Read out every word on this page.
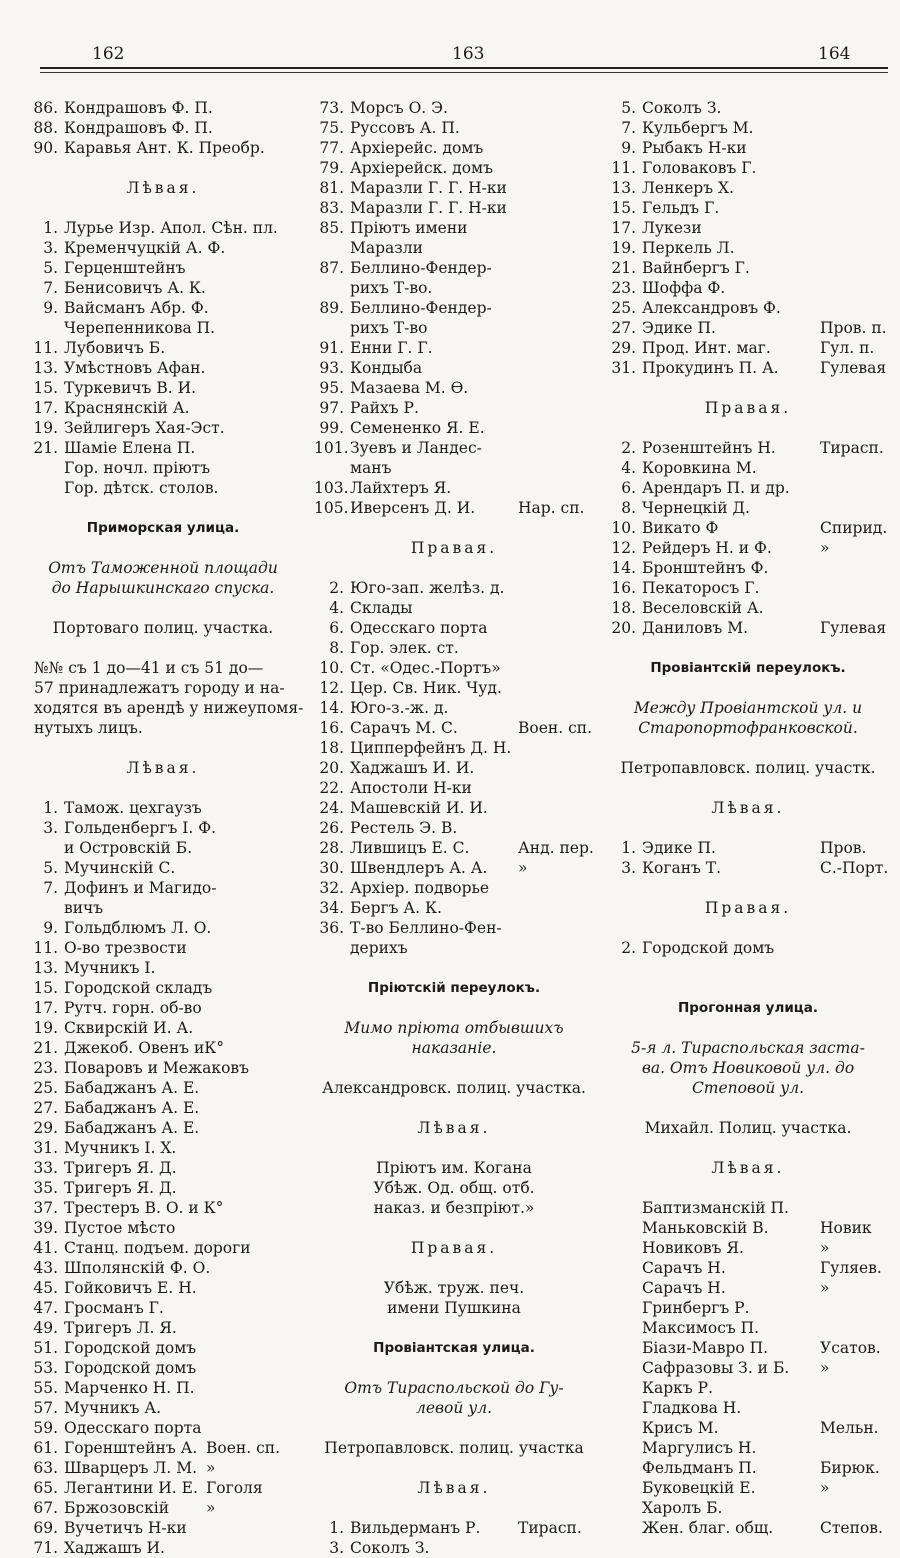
162	163	164
86. Кондрашовъ Ф. П.
88. Кондрашовъ Ф. П.
90. Каравья Ант. К. Преобр.
Лѣвая.
1. Лурье Изр. Апол. Сѣн. пл.
3. Кременчуцкій А. Ф.
5. Герценштейнъ
7. Бенисовичъ А. К.
9. Вайсманъ Абр. Ф.
Черепенникова П.
11. Лубовичъ Б.
13. Умѣстновъ Афан.
15. Туркевичъ В. И.
17. Краснянскій А.
19. Зейлигеръ Хая-Эст.
21. Шаміе Елена П.
Гор. ночл. пріютъ
Гор. дѣтск. столов.
Приморская улица.
Отъ Таможенной площади
до Нарышкинскаго спуска.
Портоваго полиц. участка.
№№ съ 1 до—41 и съ 51 до—
57 принадлежатъ городу и на-
ходятся въ арендѣ у нижеупомя-
нутыхъ лицъ.
Лѣвая.
1. Тамож. цехгаузъ
3. Гольденбергъ І. Ф.
и Островскій Б.
5. Мучинскій С.
7. Дофинъ и Магидо-
вичъ
9. Гольдблюмъ Л. О.
11. О-во трезвости
13. Мучникъ І.
15. Городской складъ
17. Рутч. горн. об-во
19. Сквирскій И. А.
21. Джекоб. Овенъ иК°
23. Поваровъ и Межаковъ
25. Бабаджанъ А. Е.
27. Бабаджанъ А. Е.
29. Бабаджанъ А. Е.
31. Мучникъ І. Х.
33. Тригеръ Я. Д.
35. Тригеръ Я. Д.
37. Трестеръ В. О. и К°
39. Пустое мѣсто
41. Станц. подъем. дороги
43. Шполянскій Ф. О.
45. Гойковичъ Е. Н.
47. Гросманъ Г.
49. Тригеръ Л. Я.
51. Городской домъ
53. Городской домъ
55. Марченко Н. П.
57. Мучникъ А.
59. Одесскаго порта
61. Горенштейнъ А. Воен. сп.
63. Шварцеръ Л. М. »
65. Легантини И. Е. Гоголя
67. Бржозовскій »
69. Вучетичъ Н-ки
71. Хаджашъ И.
73. Морсъ О. Э.
75. Руссовъ А. П.
77. Архіерейс. домъ
79. Архіерейск. домъ
81. Маразли Г. Г. Н-ки
83. Маразли Г. Г. Н-ки
85. Пріютъ имени
Маразли
87. Беллино-Фендер-
рихъ Т-во.
89. Беллино-Фендер-
рихъ Т-во
91. Енни Г. Г.
93. Кондыба
95. Мазаева М. Ө.
97. Райхъ Р.
99. Семененко Я. Е.
101.Зуевъ и Ландес-
манъ
103.Лайхтеръ Я.
105.Иверсенъ Д. И.	Нар. сп.
Правая.
2. Юго-зап. желѣз. д.
4. Склады
6. Одесскаго порта
8. Гор. элек. ст.
10. Ст. «Одес.-Портъ»
12. Цер. Св. Ник. Чуд.
14. Юго-з.-ж. д.
16. Сарачъ М. С.	Воен. сп.
18. Ципперфейнъ Д. Н.
20. Хаджашъ И. И.
22. Апостоли Н-ки
24. Машевскій И. И.
26. Рестель Э. В.
28. Лившицъ Е. С.	Анд. пер.
30. Швендлеръ А. А. »
32. Архіер. подворье
34. Бергъ А. К.
36. Т-во Беллино-Фен-
дерихъ
Пріютскій переулокъ.
Мимо пріюта отбывшихъ
наказаніе.
Александровск. полиц. участка.
Лѣвая.
Пріютъ им. Когана
Убѣж. Од. общ. отб.
наказ. и безпріют.»
Правая.
Убѣж. труж. печ.
имени Пушкина
Провіантская улица.
Отъ Тираспольской до Гу-
левой ул.
Петропавловск. полиц. участка
Лѣвая.
1. Вильдерманъ Р. Тирасп.
3. Соколъ З.
5. Соколъ З.
7. Кульбергъ М.
9. Рыбакъ Н-ки
11. Головаковъ Г.
13. Ленкеръ Х.
15. Гельдъ Г.
17. Лукези
19. Перкель Л.
21. Вайнбергъ Г.
23. Шоффа Ф.
25. Александровъ Ф.
27. Эдике П.	Пров. п.
29. Прод. Инт. маг.	Гул. п.
31. Прокудинъ П. А.	Гулевая
Правая.
2. Розенштейнъ Н.	Тирасп.
4. Коровкина М.
6. Арендаръ П. и др.
8. Чернецкій Д.
10. Викато Ф	Спирид.
12. Рейдеръ Н. и Ф.	»
14. Бронштейнъ Ф.
16. Пекаторосъ Г.
18. Веселовскій А.
20. Даниловъ М.	Гулевая
Провіантскій переулокъ.
Между Провіантской ул. и
Старопортофранковской.
Петропавловск. полиц. участк.
Лѣвая.
1. Эдике П.	Пров.
3. Коганъ Т.	С.-Порт.
Правая.
2. Городской домъ
Прогонная улица.
5-я л. Тираспольская заста-
ва. Отъ Новиковой ул. до
Степовой ул.
Михайл. Полиц. участка.
Лѣвая.
Баптизманскій П.
Маньковскій В.	Новик
Новиковъ Я.	»
Сарачъ Н.	Гуляев.
Сарачъ Н.	»
Гринбергъ Р.
Максимосъ П.
Біази-Мавро П.	Усатов.
Сафразовы З. и Б. »
Каркъ Р.
Гладкова Н.
Крисъ М.	Мельн.
Маргулисъ Н.
Фельдманъ П.	Бирюк.
Буковецкій Е.	»
Харолъ Б.
Жен. благ. общ.	Степов.
